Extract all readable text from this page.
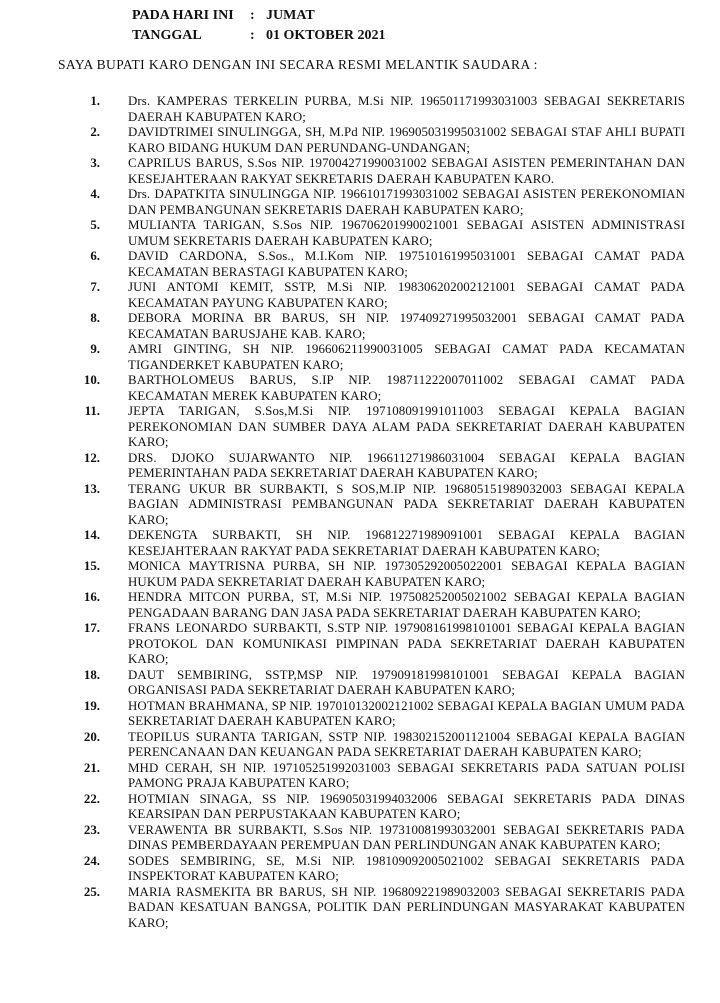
PADA HARI INI	: JUMAT
TANGGAL	: 01 OKTOBER 2021
SAYA BUPATI KARO DENGAN INI SECARA RESMI MELANTIK SAUDARA :
1. Drs. KAMPERAS TERKELIN PURBA, M.Si NIP. 196501171993031003 SEBAGAI SEKRETARIS DAERAH KABUPATEN KARO;
2. DAVIDTRIMEI SINULINGGA, SH, M.Pd NIP. 196905031995031002 SEBAGAI STAF AHLI BUPATI KARO BIDANG HUKUM DAN PERUNDANG-UNDANGAN;
3. CAPRILUS BARUS, S.Sos NIP. 197004271990031002 SEBAGAI ASISTEN PEMERINTAHAN DAN KESEJAHTERAAN RAKYAT SEKRETARIS DAERAH KABUPATEN KARO.
4. Drs. DAPATKITA SINULINGGA NIP. 196610171993031002 SEBAGAI ASISTEN PEREKONOMIAN DAN PEMBANGUNAN SEKRETARIS DAERAH KABUPATEN KARO;
5. MULIANTA TARIGAN, S.Sos NIP. 196706201990021001 SEBAGAI ASISTEN ADMINISTRASI UMUM SEKRETARIS DAERAH KABUPATEN KARO;
6. DAVID CARDONA, S.Sos., M.I.Kom NIP. 197510161995031001 SEBAGAI CAMAT PADA KECAMATAN BERASTAGI KABUPATEN KARO;
7. JUNI ANTOMI KEMIT, SSTP, M.Si NIP. 198306202002121001 SEBAGAI CAMAT PADA KECAMATAN PAYUNG KABUPATEN KARO;
8. DEBORA MORINA BR BARUS, SH NIP. 197409271995032001 SEBAGAI CAMAT PADA KECAMATAN BARUSJAHE KAB. KARO;
9. AMRI GINTING, SH NIP. 196606211990031005 SEBAGAI CAMAT PADA KECAMATAN TIGANDERKET KABUPATEN KARO;
10. BARTHOLOMEUS BARUS, S.IP NIP. 198711222007011002 SEBAGAI CAMAT PADA KECAMATAN MEREK KABUPATEN KARO;
11. JEPTA TARIGAN, S.Sos,M.Si NIP. 197108091991011003 SEBAGAI KEPALA BAGIAN PEREKONOMIAN DAN SUMBER DAYA ALAM PADA SEKRETARIAT DAERAH KABUPATEN KARO;
12. DRS. DJOKO SUJARWANTO NIP. 196611271986031004 SEBAGAI KEPALA BAGIAN PEMERINTAHAN PADA SEKRETARIAT DAERAH KABUPATEN KARO;
13. TERANG UKUR BR SURBAKTI, S SOS,M.IP NIP. 196805151989032003 SEBAGAI KEPALA BAGIAN ADMINISTRASI PEMBANGUNAN PADA SEKRETARIAT DAERAH KABUPATEN KARO;
14. DEKENGTA SURBAKTI, SH NIP. 196812271989091001 SEBAGAI KEPALA BAGIAN KESEJAHTERAAN RAKYAT PADA SEKRETARIAT DAERAH KABUPATEN KARO;
15. MONICA MAYTRISNA PURBA, SH NIP. 197305292005022001 SEBAGAI KEPALA BAGIAN HUKUM PADA SEKRETARIAT DAERAH KABUPATEN KARO;
16. HENDRA MITCON PURBA, ST, M.Si NIP. 197508252005021002 SEBAGAI KEPALA BAGIAN PENGADAAN BARANG DAN JASA PADA SEKRETARIAT DAERAH KABUPATEN KARO;
17. FRANS LEONARDO SURBAKTI, S.STP NIP. 197908161998101001 SEBAGAI KEPALA BAGIAN PROTOKOL DAN KOMUNIKASI PIMPINAN PADA SEKRETARIAT DAERAH KABUPATEN KARO;
18. DAUT SEMBIRING, SSTP,MSP NIP. 197909181998101001 SEBAGAI KEPALA BAGIAN ORGANISASI PADA SEKRETARIAT DAERAH KABUPATEN KARO;
19. HOTMAN BRAHMANA, SP NIP. 197010132002121002 SEBAGAI KEPALA BAGIAN UMUM PADA SEKRETARIAT DAERAH KABUPATEN KARO;
20. TEOPILUS SURANTA TARIGAN, SSTP NIP. 198302152001121004 SEBAGAI KEPALA BAGIAN PERENCANAAN DAN KEUANGAN PADA SEKRETARIAT DAERAH KABUPATEN KARO;
21. MHD CERAH, SH NIP. 197105251992031003 SEBAGAI SEKRETARIS PADA SATUAN POLISI PAMONG PRAJA KABUPATEN KARO;
22. HOTMIAN SINAGA, SS NIP. 196905031994032006 SEBAGAI SEKRETARIS PADA DINAS KEARSIPAN DAN PERPUSTAKAAN KABUPATEN KARO;
23. VERAWENTA BR SURBAKTI, S.Sos NIP. 197310081993032001 SEBAGAI SEKRETARIS PADA DINAS PEMBERDAYAAN PEREMPUAN DAN PERLINDUNGAN ANAK KABUPATEN KARO;
24. SODES SEMBIRING, SE, M.Si NIP. 198109092005021002 SEBAGAI SEKRETARIS PADA INSPEKTORAT KABUPATEN KARO;
25. MARIA RASMEKITA BR BARUS, SH NIP. 196809221989032003 SEBAGAI SEKRETARIS PADA BADAN KESATUAN BANGSA, POLITIK DAN PERLINDUNGAN MASYARAKAT KABUPATEN KARO;
